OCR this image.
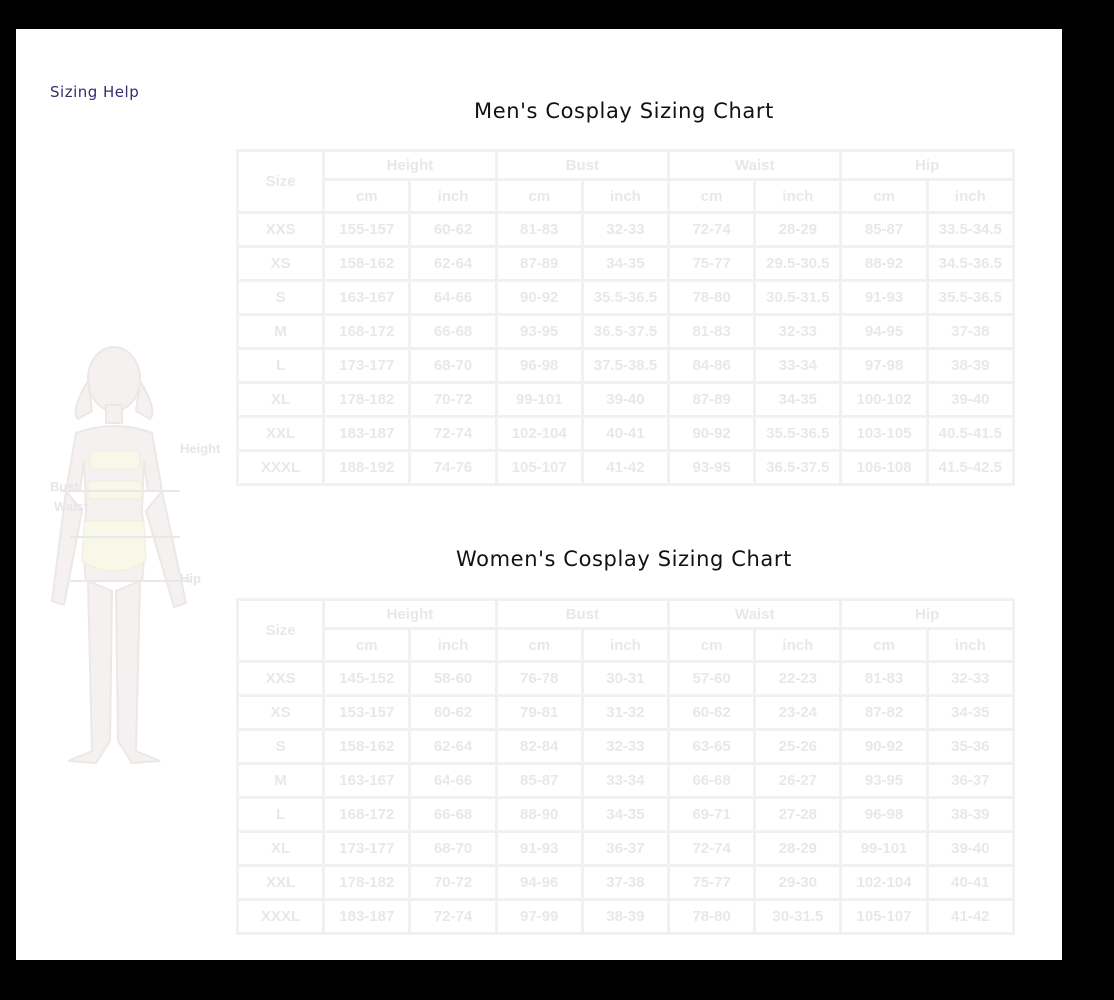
Sizing Help
Height
Bust
Waist
Hip
Men's Cosplay Sizing Chart
Size	Height		Bust		Waist		Hip	
	cm	inch	cm	inch	cm	inch	cm	inch
XXS	155-157	60-62	81-83	32-33	72-74	28-29	85-87	33.5-34.5
XS	158-162	62-64	87-89	34-35	75-77	29.5-30.5	88-92	34.5-36.5
S	163-167	64-66	90-92	35.5-36.5	78-80	30.5-31.5	91-93	35.5-36.5
M	168-172	66-68	93-95	36.5-37.5	81-83	32-33	94-95	37-38
L	173-177	68-70	96-98	37.5-38.5	84-86	33-34	97-98	38-39
XL	178-182	70-72	99-101	39-40	87-89	34-35	100-102	39-40
XXL	183-187	72-74	102-104	40-41	90-92	35.5-36.5	103-105	40.5-41.5
XXXL	188-192	74-76	105-107	41-42	93-95	36.5-37.5	106-108	41.5-42.5
Women's Cosplay Sizing Chart
Size	Height		Bust		Waist		Hip	
	cm	inch	cm	inch	cm	inch	cm	inch
XXS	145-152	58-60	76-78	30-31	57-60	22-23	81-83	32-33
XS	153-157	60-62	79-81	31-32	60-62	23-24	87-82	34-35
S	158-162	62-64	82-84	32-33	63-65	25-26	90-92	35-36
M	163-167	64-66	85-87	33-34	66-68	26-27	93-95	36-37
L	168-172	66-68	88-90	34-35	69-71	27-28	96-98	38-39
XL	173-177	68-70	91-93	36-37	72-74	28-29	99-101	39-40
XXL	178-182	70-72	94-96	37-38	75-77	29-30	102-104	40-41
XXXL	183-187	72-74	97-99	38-39	78-80	30-31.5	105-107	41-42
